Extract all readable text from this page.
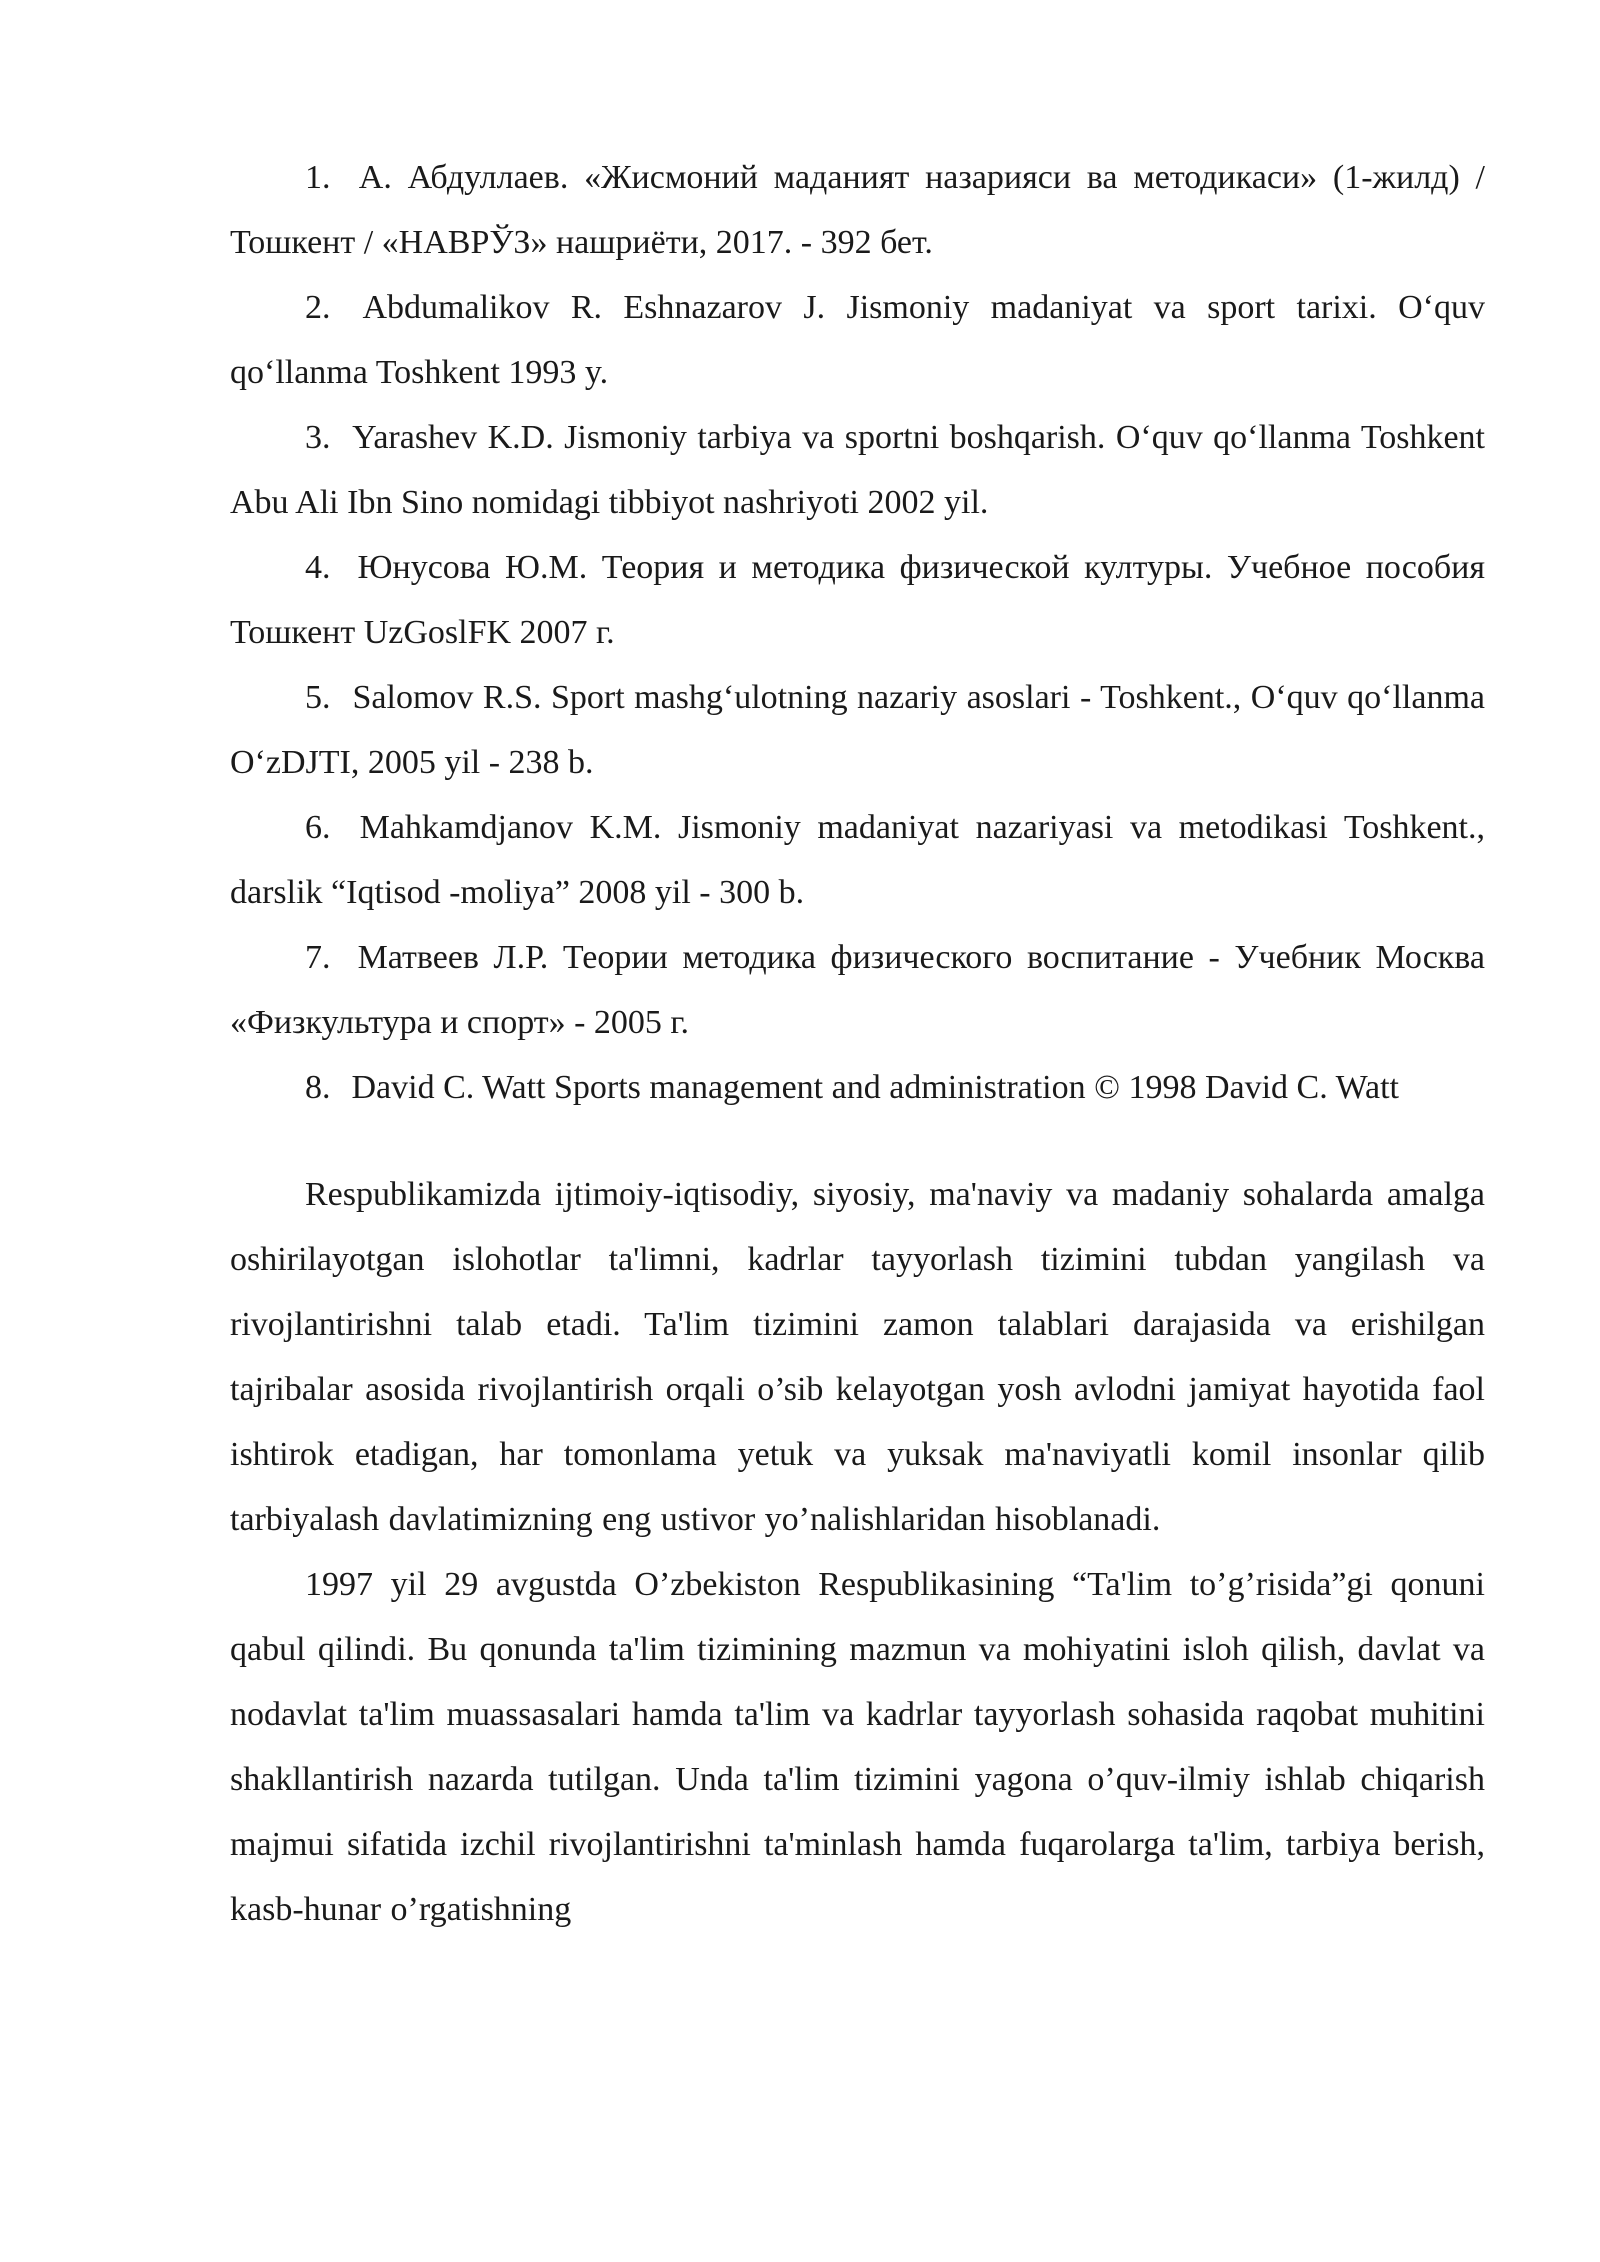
1. А. Абдуллаев. «Жисмоний маданият назарияси ва методикаси» (1-жилд) / Тошкент / «НАВРЎЗ» нашриёти, 2017. - 392 бет.

2. Abdumalikov R. Eshnazarov J. Jismoniy madaniyat va sport tarixi. O‘quv qo‘llanma Toshkent 1993 y.

3. Yarashev K.D. Jismoniy tarbiya va sportni boshqarish. O‘quv qo‘llanma Toshkent Abu Ali Ibn Sino nomidagi tibbiyot nashriyoti 2002 yil.

4. Юнусова Ю.М. Теория и методика физической културы. Учебное пособия Тошкент UzGoslFK 2007 г.

5. Salomov R.S. Sport mashg‘ulotning nazariy asoslari - Toshkent., O‘quv qo‘llanma O‘zDJTI, 2005 yil - 238 b.

6. Mahkamdjanov K.M. Jismoniy madaniyat nazariyasi va metodikasi Toshkent., darslik “Iqtisod -moliya” 2008 yil - 300 b.

7. Матвеев Л.Р. Теории методика физического воспитание - Учебник Москва «Физкультура и спорт» - 2005 г.

8. David C. Watt Sports management and administration © 1998 David C. Watt

Respublikamizda ijtimoiy-iqtisodiy, siyosiy, ma'naviy va madaniy sohalarda amalga oshirilayotgan islohotlar ta'limni, kadrlar tayyorlash tizimini tubdan yangilash va rivojlantirishni talab etadi. Ta'lim tizimini zamon talablari darajasida va erishilgan tajribalar asosida rivojlantirish orqali o’sib kelayotgan yosh avlodni jamiyat hayotida faol ishtirok etadigan, har tomonlama yetuk va yuksak ma'naviyatli komil insonlar qilib tarbiyalash davlatimizning eng ustivor yo’nalishlaridan hisoblanadi.

1997 yil 29 avgustda O’zbekiston Respublikasining “Ta'lim to’g’risida”gi qonuni qabul qilindi. Bu qonunda ta'lim tizimining mazmun va mohiyatini isloh qilish, davlat va nodavlat ta'lim muassasalari hamda ta'lim va kadrlar tayyorlash sohasida raqobat muhitini shakllantirish nazarda tutilgan. Unda ta'lim tizimini yagona o’quv-ilmiy ishlab chiqarish majmui sifatida izchil rivojlantirishni ta'minlash hamda fuqarolarga ta'lim, tarbiya berish, kasb-hunar o’rgatishning
